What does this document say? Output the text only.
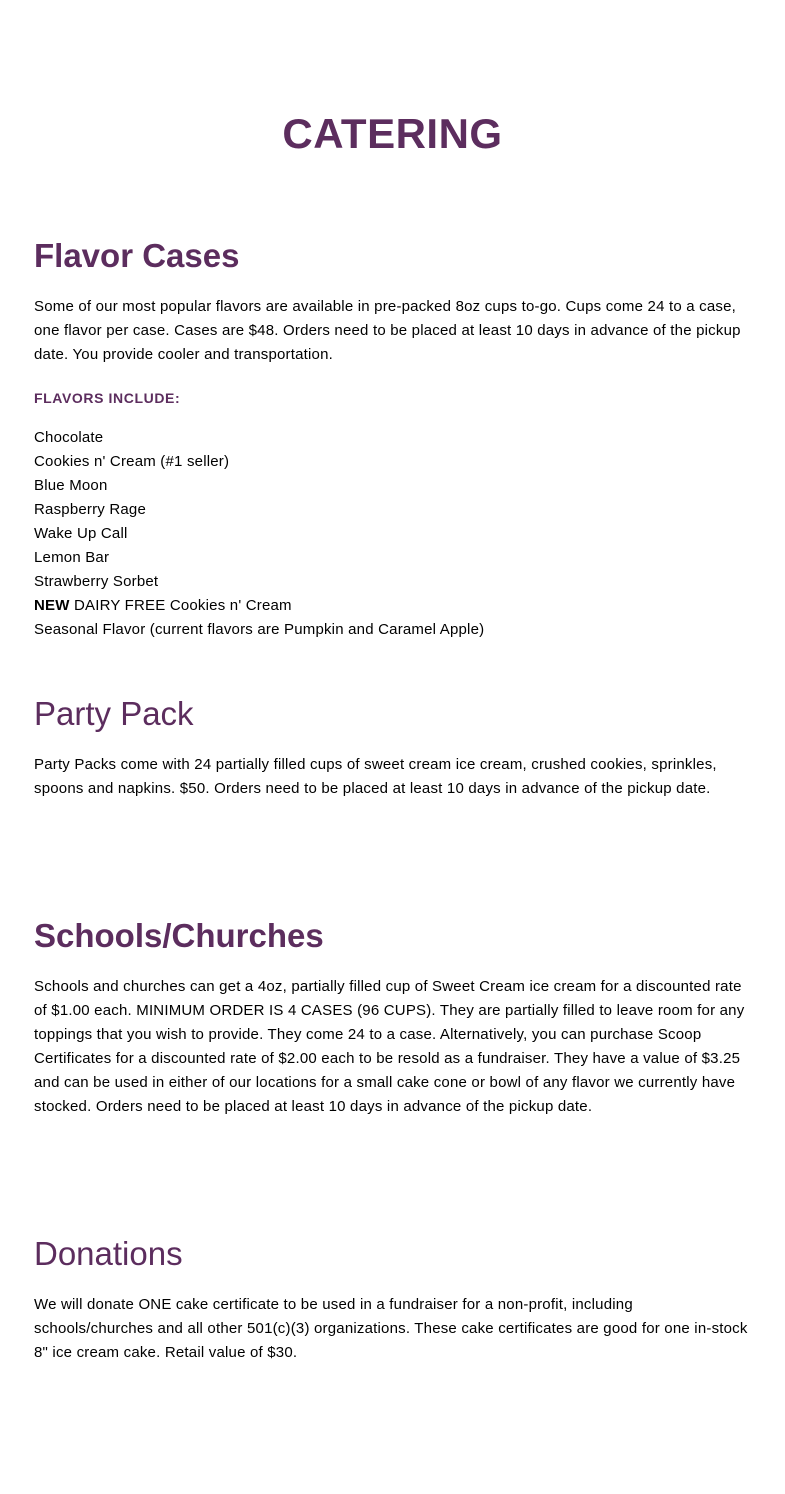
CATERING
Flavor Cases

Some of our most popular flavors are available in pre-packed 8oz cups to-go. Cups come 24 to a case, one flavor per case. Cases are $48. Orders need to be placed at least 10 days in advance of the pickup date. You provide cooler and transportation.

FLAVORS INCLUDE:

Chocolate
Cookies n' Cream (#1 seller)
Blue Moon
Raspberry Rage
Wake Up Call
Lemon Bar
Strawberry Sorbet
NEW DAIRY FREE Cookies n' Cream
Seasonal Flavor (current flavors are Pumpkin and Caramel Apple)
Party Pack

Party Packs come with 24 partially filled cups of sweet cream ice cream, crushed cookies, sprinkles, spoons and napkins. $50. Orders need to be placed at least 10 days in advance of the pickup date.

Schools/Churches

Schools and churches can get a 4oz, partially filled cup of Sweet Cream ice cream for a discounted rate of $1.00 each. MINIMUM ORDER IS 4 CASES (96 CUPS). They are partially filled to leave room for any toppings that you wish to provide. They come 24 to a case. Alternatively, you can purchase Scoop Certificates for a discounted rate of $2.00 each to be resold as a fundraiser. They have a value of $3.25 and can be used in either of our locations for a small cake cone or bowl of any flavor we currently have stocked. Orders need to be placed at least 10 days in advance of the pickup date.

Donations

We will donate ONE cake certificate to be used in a fundraiser for a non-profit, including schools/churches and all other 501(c)(3) organizations. These cake certificates are good for one in-stock 8" ice cream cake. Retail value of $30.
